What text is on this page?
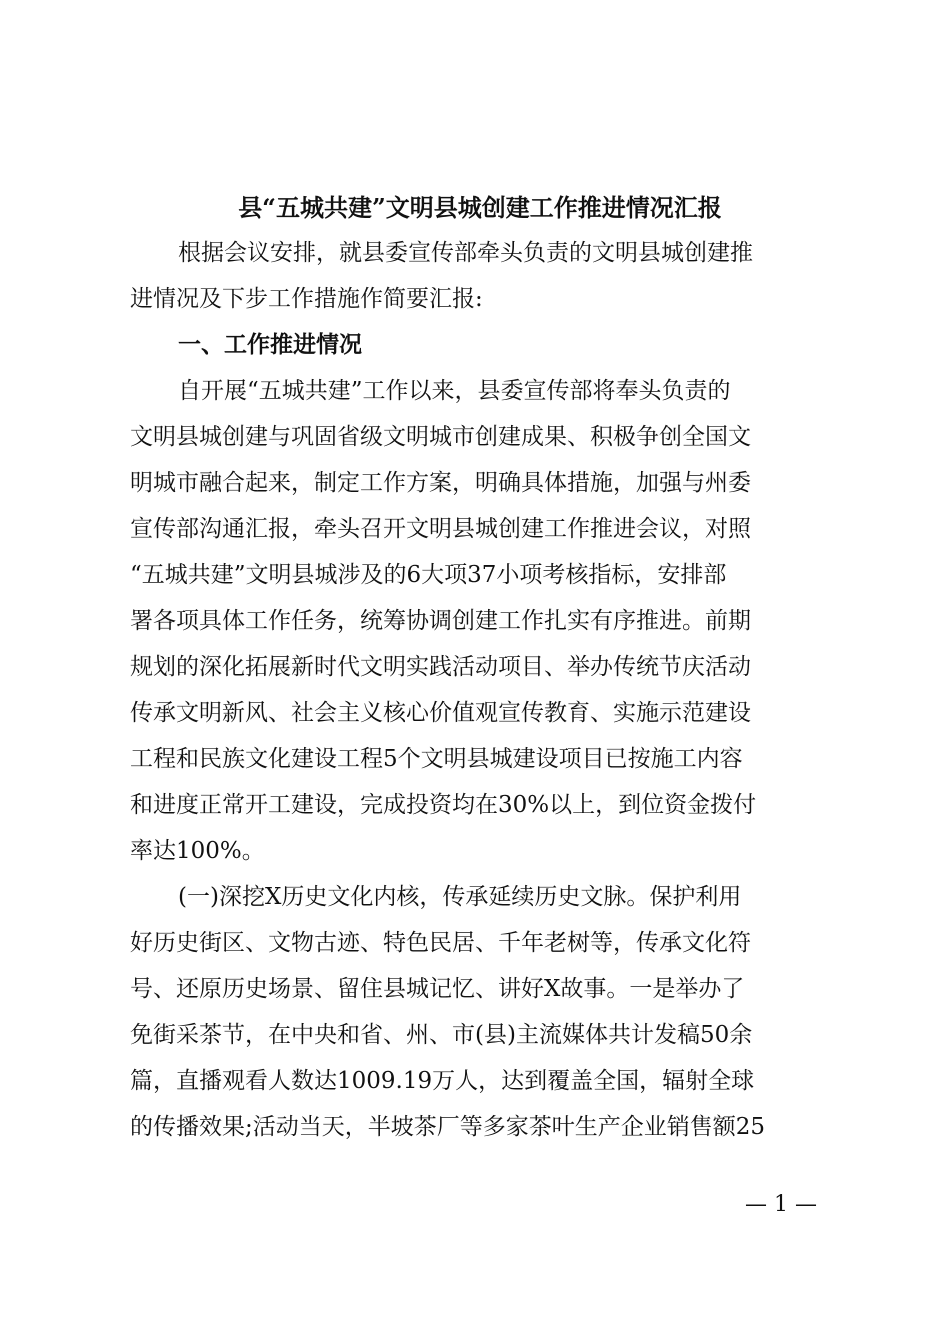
县“五城共建”文明县城创建工作推进情况汇报
根据会议安排，就县委宣传部牵头负责的文明县城创建推
进情况及下步工作措施作简要汇报:
一、工作推进情况
自开展“五城共建”工作以来，县委宣传部将奉头负责的
文明县城创建与巩固省级文明城市创建成果、积极争创全国文
明城市融合起来，制定工作方案，明确具体措施，加强与州委
宣传部沟通汇报，牵头召开文明县城创建工作推进会议，对照
“五城共建”文明县城涉及的6大项37小项考核指标，安排部
署各项具体工作任务，统筹协调创建工作扎实有序推进。前期
规划的深化拓展新时代文明实践活动项目、举办传统节庆活动
传承文明新风、社会主义核心价值观宣传教育、实施示范建设
工程和民族文化建设工程5个文明县城建设项目已按施工内容
和进度正常开工建设，完成投资均在30%以上，到位资金拨付
率达100%。
(一)深挖X历史文化内核，传承延续历史文脉。保护利用
好历史街区、文物古迹、特色民居、千年老树等，传承文化符
号、还原历史场景、留住县城记忆、讲好X故事。一是举办了
免街采茶节，在中央和省、州、市(县)主流媒体共计发稿50余
篇，直播观看人数达1009.19万人，达到覆盖全国，辐射全球
的传播效果;活动当天，半坡茶厂等多家茶叶生产企业销售额25
— 1 —
